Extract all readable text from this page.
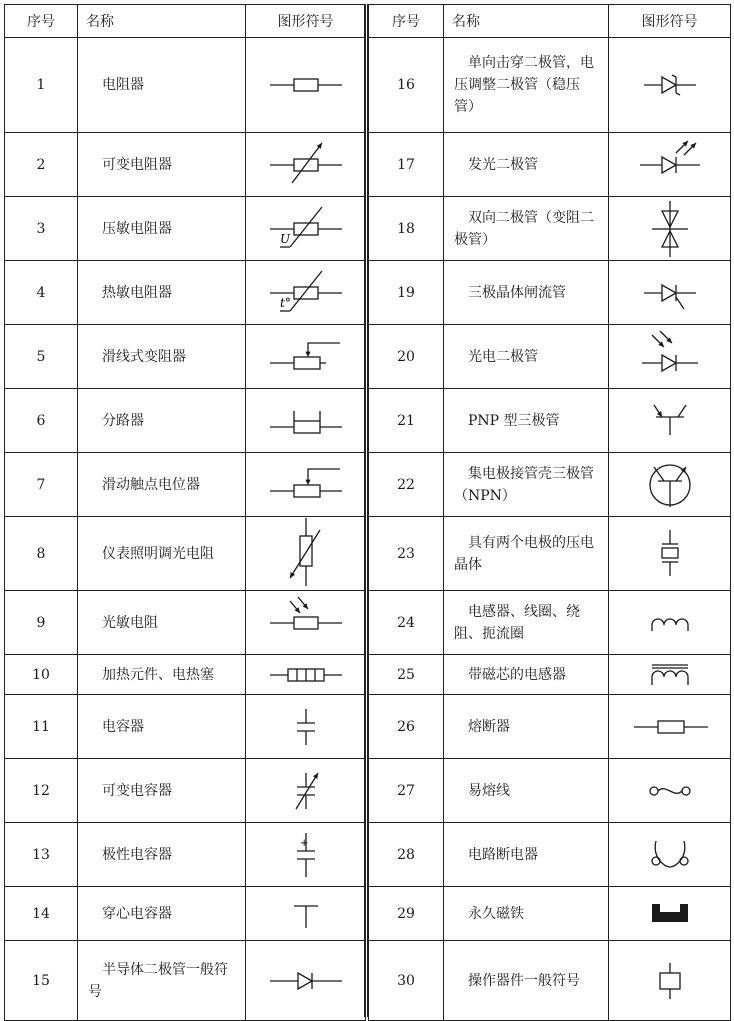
序号	名称	图形符号
1	电阻器	

2	可变电阻器	

3	压敏电阻器	U

4	热敏电阻器	t°

5	滑线式变阻器	

6	分路器	

7	滑动触点电位器	

8	仪表照明调光电阻	

9	光敏电阻	

10	加热元件、电热塞	

11	电容器	

12	可变电容器	

13	极性电容器	+

14	穿心电容器	

15	半导体二极管一般符号	
序号	名称	图形符号
16	单向击穿二极管，电压调整二极管（稳压管）	

17	发光二极管	

18	双向二极管（变阻二极管）	

19	三极晶体闸流管	

20	光电二极管	

21	PNP 型三极管	

22	集电极接管壳三极管（NPN）	

23	具有两个电极的压电晶体	

24	电感器、线圈、绕阻、扼流圈	

25	带磁芯的电感器	

26	熔断器	

27	易熔线	

28	电路断电器	

29	永久磁铁	

30	操作器件一般符号	
